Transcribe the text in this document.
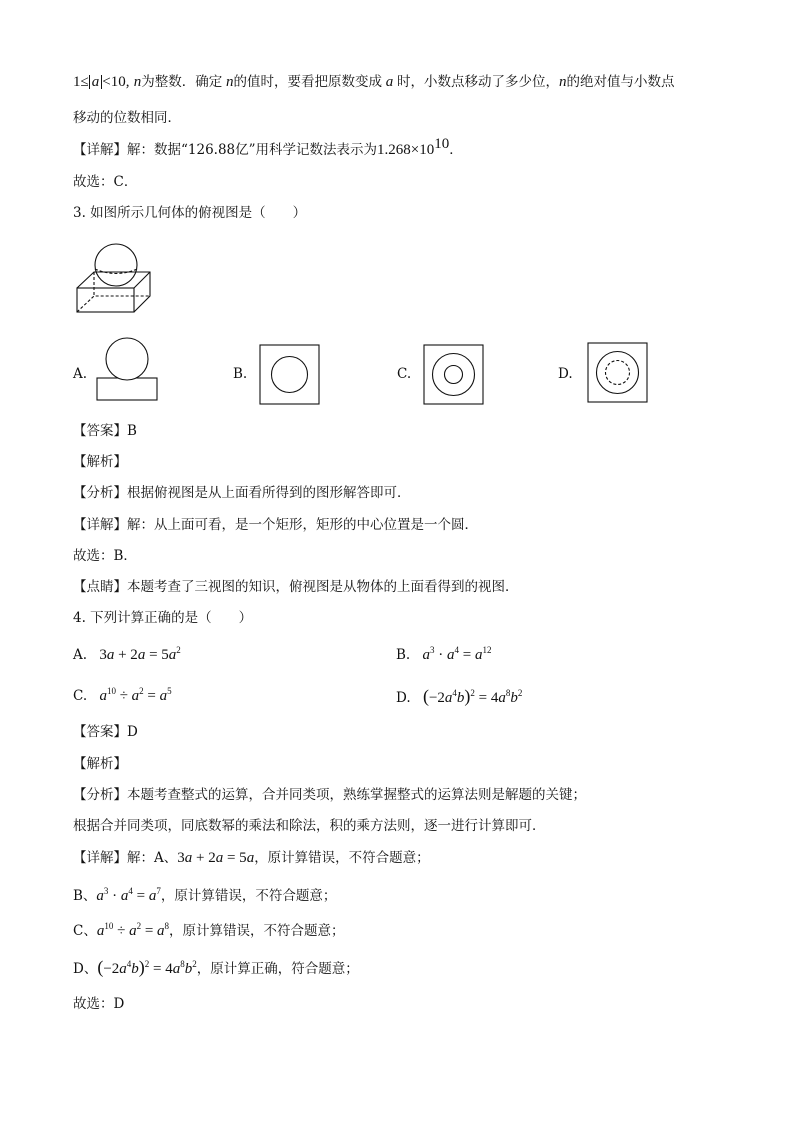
1≤ a <10, n为整数．确定 n的值时，要看把原数变成 a 时，小数点移动了多少位，n的绝对值与小数点
移动的位数相同．
【详解】解：数据“126.88亿”用科学记数法表示为$1.268\times 10^{10}$．
故选：C．
3. 如图所示几何体的俯视图是（　　）
A.	B.	C.	D.
【答案】B
【解析】
【分析】根据俯视图是从上面看所得到的图形解答即可．
【详解】解：从上面可看，是一个矩形，矩形的中心位置是一个圆．
故选：B．
【点睛】本题考查了三视图的知识，俯视图是从物体的上面看得到的视图．
4. 下列计算正确的是（　　）
A. $3a + 2a = 5a^2$	B. $a^3 \cdot a^4 = a^{12}$
C. $a^{10} \div a^2 = a^5$	D. $(-2a^4b)^2 = 4a^8b^2$
【答案】D
【解析】
【分析】本题考查整式的运算，合并同类项，熟练掌握整式的运算法则是解题的关键；
根据合并同类项，同底数幂的乘法和除法，积的乘方法则，逐一进行计算即可．
【详解】解：A、3a + 2a = 5a，原计算错误，不符合题意；
B、$a^3 \cdot a^4 = a^7$，原计算错误，不符合题意；
C、$a^{10} \div a^2 = a^8$，原计算错误，不符合题意；
D、$(-2a^4b)^2 = 4a^8b^2$，原计算正确，符合题意；
故选：D
